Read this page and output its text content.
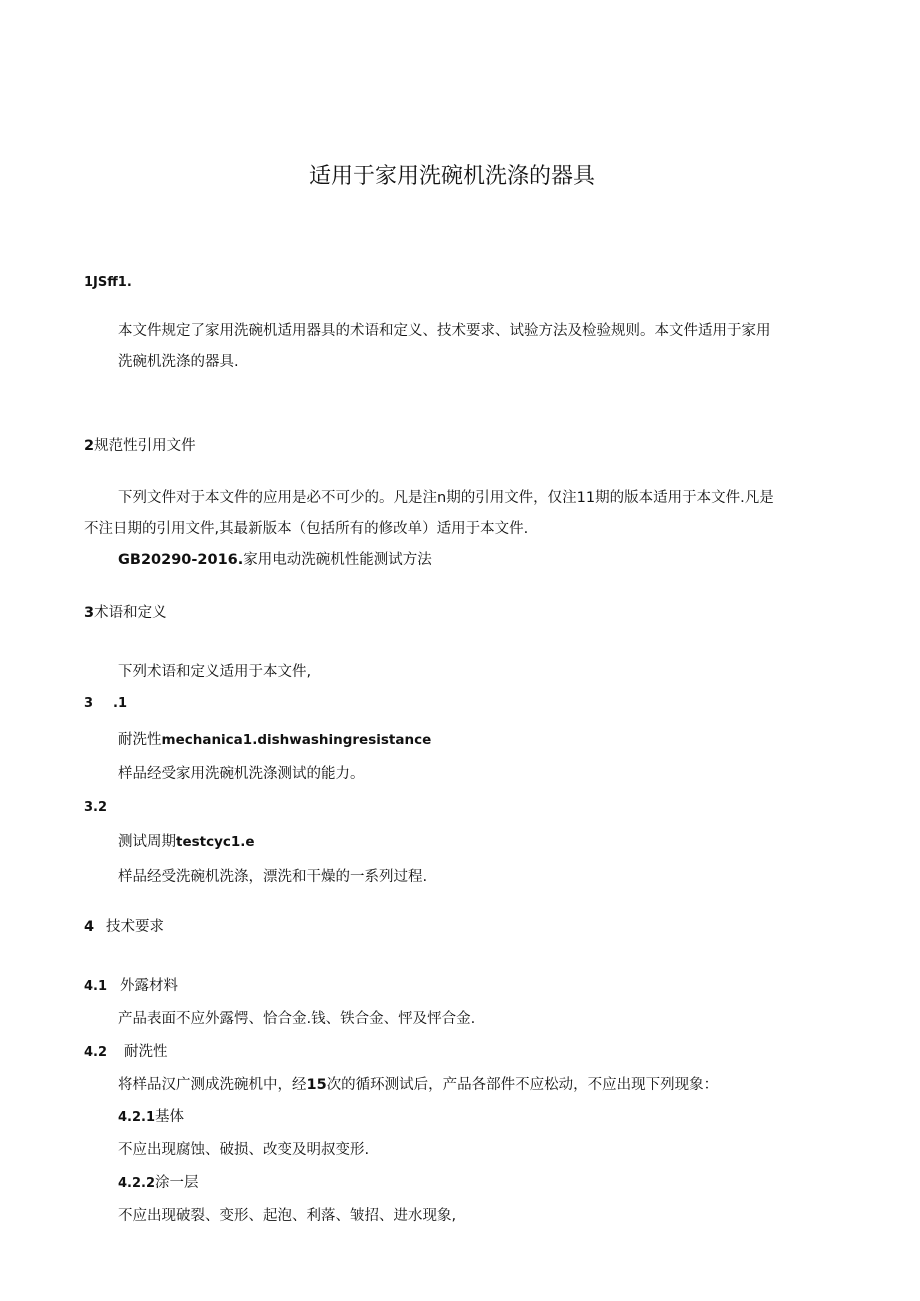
适用于家用洗碗机洗涤的器具
1JSff1.
本文件规定了家用洗碗机适用器具的术语和定义、技术要求、试验方法及检验规则。本文件适用于家用
洗碗机洗涤的器具.
2规范性引用文件
下列文件对于本文件的应用是必不可少的。凡是注n期的引用文件，仅注11期的版本适用于本文件.凡是
不注日期的引用文件,其最新版本（包括所有的修改单）适用于本文件.
GB20290-2016.家用电动洗碗机性能测试方法
3术语和定义
下列术语和定义适用于本文件,
3 .1
耐洗性mechanica1.dishwashingresistance
样品经受家用洗碗机洗涤测试的能力。
3.2
测试周期testcyc1.e
样品经受洗碗机洗涤，漂洗和干燥的一系列过程.
4 技术要求
4.1 外露材料
产品表面不应外露愕、恰合金.钱、铁合金、怦及怦合金.
4.2 耐洗性
将样品汉广测成洗碗机中，经15次的循环测试后，产品各部件不应松动，不应出现下列现象：
4.2.1基体
不应出现腐蚀、破损、改变及明叔变形.
4.2.2涂一层
不应出现破裂、变形、起泡、利落、皱招、进水现象,
